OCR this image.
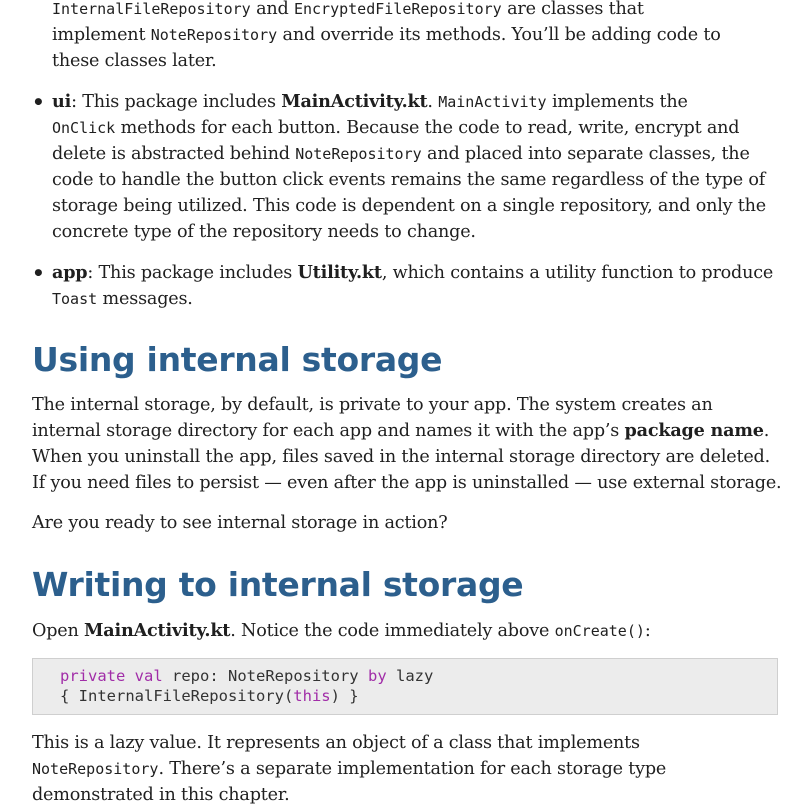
InternalFileRepository and EncryptedFileRepository are classes that
implement NoteRepository and override its methods. You’ll be adding code to
these classes later.
• ui: This package includes MainActivity.kt. MainActivity implements the
OnClick methods for each button. Because the code to read, write, encrypt and
delete is abstracted behind NoteRepository and placed into separate classes, the
code to handle the button click events remains the same regardless of the type of
storage being utilized. This code is dependent on a single repository, and only the
concrete type of the repository needs to change.
• app: This package includes Utility.kt, which contains a utility function to produce
Toast messages.
Using internal storage
The internal storage, by default, is private to your app. The system creates an
internal storage directory for each app and names it with the app’s package name.
When you uninstall the app, files saved in the internal storage directory are deleted.
If you need files to persist — even after the app is uninstalled — use external storage.
Are you ready to see internal storage in action?
Writing to internal storage
Open MainActivity.kt. Notice the code immediately above onCreate():
private val repo: NoteRepository by lazy
{ InternalFileRepository(this) }
This is a lazy value. It represents an object of a class that implements
NoteRepository. There’s a separate implementation for each storage type
demonstrated in this chapter.
